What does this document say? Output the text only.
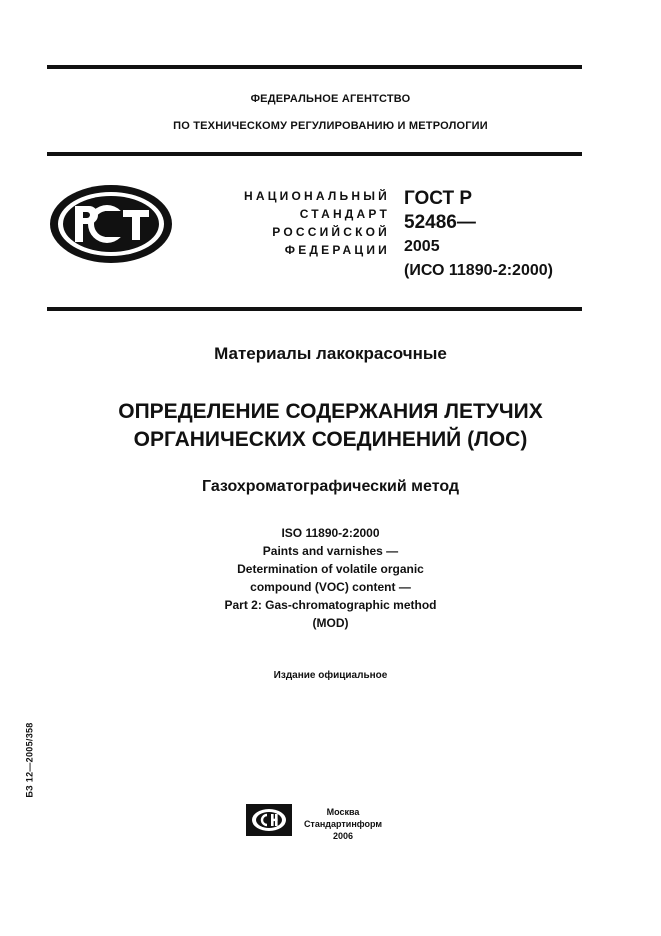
ФЕДЕРАЛЬНОЕ АГЕНТСТВО
ПО ТЕХНИЧЕСКОМУ РЕГУЛИРОВАНИЮ И МЕТРОЛОГИИ
НАЦИОНАЛЬНЫЙ
СТАНДАРТ
РОССИЙСКОЙ
ФЕДЕРАЦИИ
ГОСТ Р
52486—
2005
(ИСО 11890-2:2000)
Материалы лакокрасочные
ОПРЕДЕЛЕНИЕ СОДЕРЖАНИЯ ЛЕТУЧИХ
ОРГАНИЧЕСКИХ СОЕДИНЕНИЙ (ЛОС)
Газохроматографический метод
ISO 11890-2:2000
Paints and varnishes —
Determination of volatile organic
compound (VOC) content —
Part 2: Gas-chromatographic method
(MOD)
Издание официальное
БЗ 12—2005/358
Москва
Стандартинформ
2006
